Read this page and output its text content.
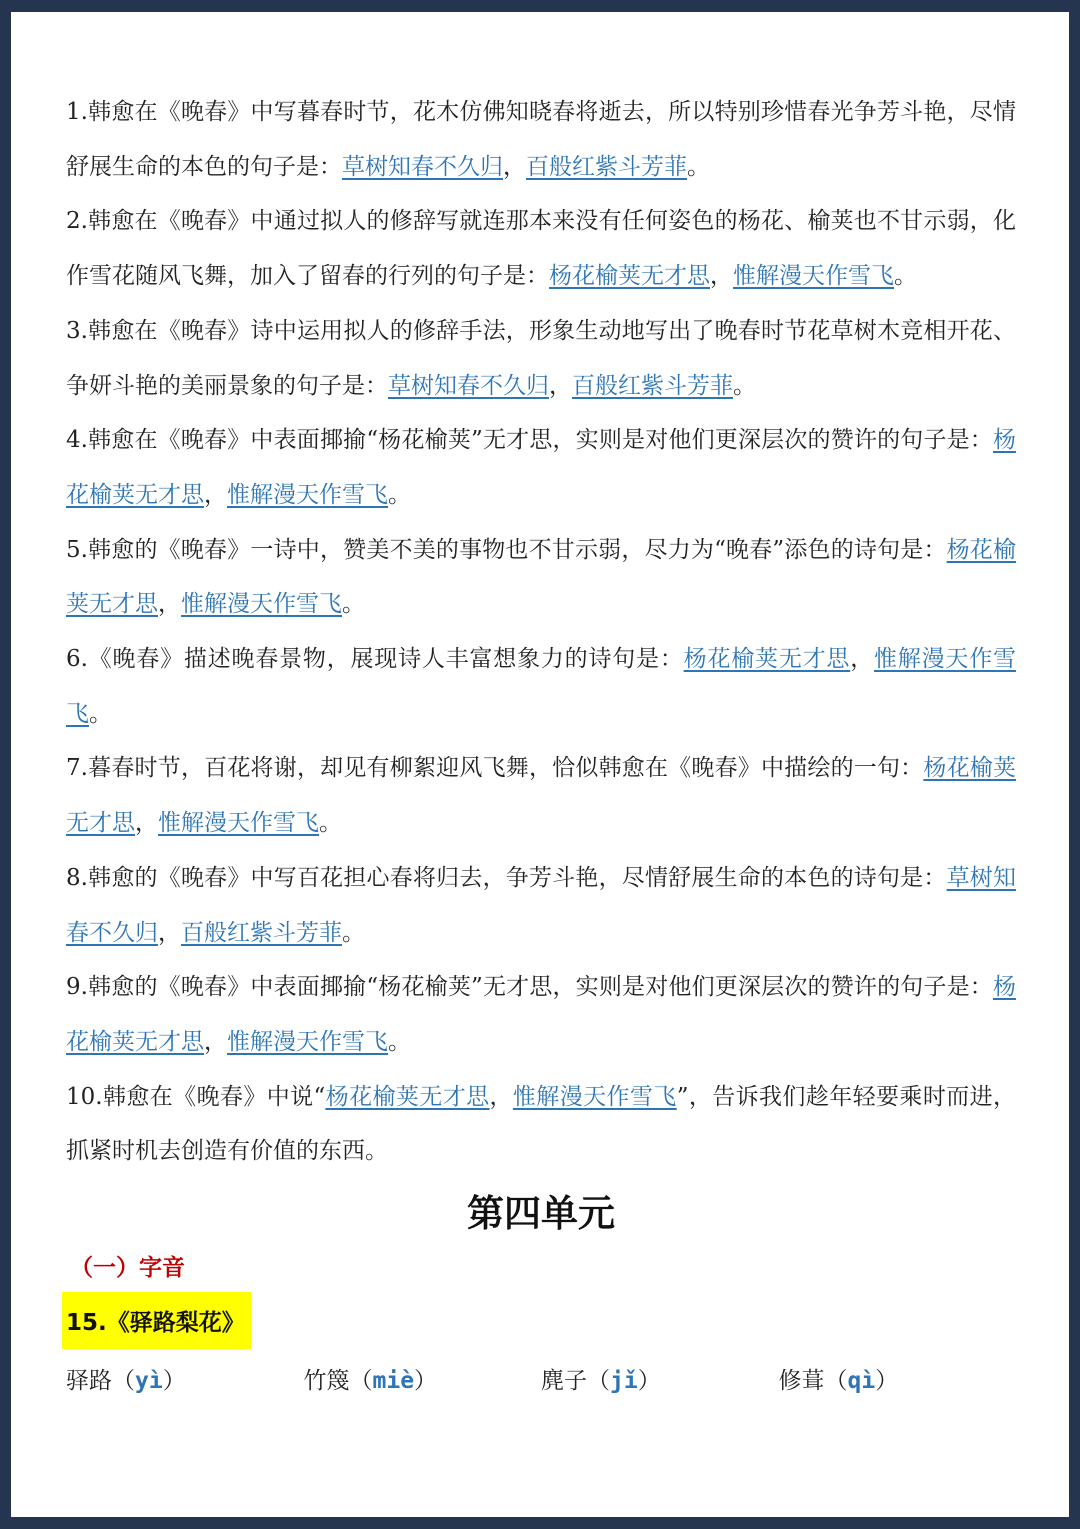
1.韩愈在《晚春》中写暮春时节，花木仿佛知晓春将逝去，所以特别珍惜春光争芳斗艳，尽情舒展生命的本色的句子是：草树知春不久归，百般红紫斗芳菲。
2.韩愈在《晚春》中通过拟人的修辞写就连那本来没有任何姿色的杨花、榆荚也不甘示弱，化作雪花随风飞舞，加入了留春的行列的句子是：杨花榆荚无才思，惟解漫天作雪飞。
3.韩愈在《晚春》诗中运用拟人的修辞手法，形象生动地写出了晚春时节花草树木竞相开花、争妍斗艳的美丽景象的句子是：草树知春不久归，百般红紫斗芳菲。
4.韩愈在《晚春》中表面揶揄“杨花榆荚”无才思，实则是对他们更深层次的赞许的句子是：杨花榆荚无才思，惟解漫天作雪飞。
5.韩愈的《晚春》一诗中，赞美不美的事物也不甘示弱，尽力为“晚春”添色的诗句是：杨花榆荚无才思，惟解漫天作雪飞。
6.《晚春》描述晚春景物，展现诗人丰富想象力的诗句是：杨花榆荚无才思，惟解漫天作雪飞。
7.暮春时节，百花将谢，却见有柳絮迎风飞舞，恰似韩愈在《晚春》中描绘的一句：杨花榆荚无才思，惟解漫天作雪飞。
8.韩愈的《晚春》中写百花担心春将归去，争芳斗艳，尽情舒展生命的本色的诗句是：草树知春不久归，百般红紫斗芳菲。
9.韩愈的《晚春》中表面揶揄“杨花榆荚”无才思，实则是对他们更深层次的赞许的句子是：杨花榆荚无才思，惟解漫天作雪飞。
10.韩愈在《晚春》中说“杨花榆荚无才思，惟解漫天作雪飞”，告诉我们趁年轻要乘时而进，抓紧时机去创造有价值的东西。
第四单元
（一）字音
15.《驿路梨花》
驿路（yì）	竹篾（miè）	麂子（jǐ）	修葺（qì）
